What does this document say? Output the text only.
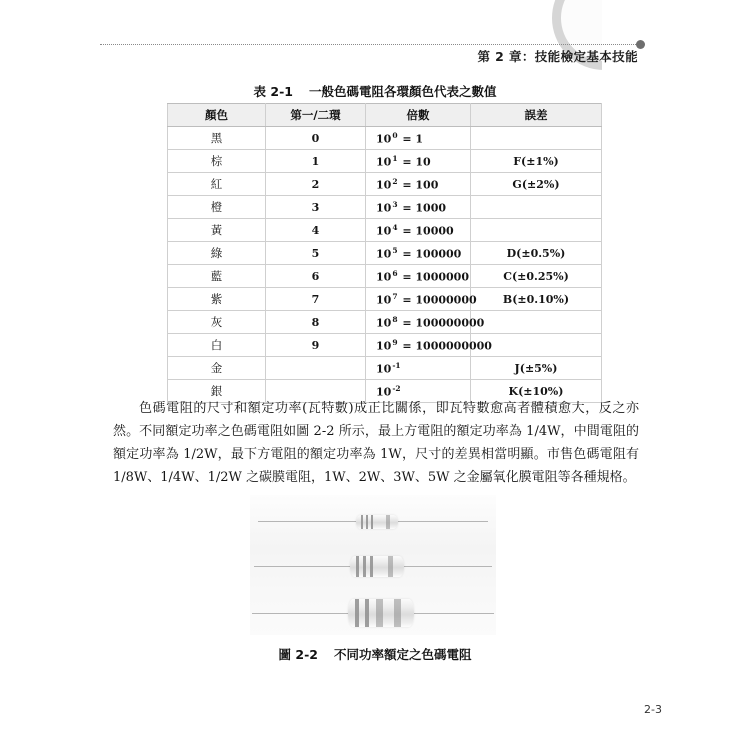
第 2 章：技能檢定基本技能
表 2-1 一般色碼電阻各環顏色代表之數值
顏色	第一/二環	倍數	誤差
黑	0	$10^0 = 1$	
棕	1	$10^1 = 10$	F(±1%)
紅	2	$10^2 = 100$	G(±2%)
橙	3	$10^3 = 1000$	
黃	4	$10^4 = 10000$	
綠	5	$10^5 = 100000$	D(±0.5%)
藍	6	$10^6 = 1000000$	C(±0.25%)
紫	7	$10^7 = 10000000$	B(±0.10%)
灰	8	$10^8 = 100000000$	
白	9	$10^9 = 1000000000$	
金		$10^{-1}$	J(±5%)
銀		$10^{-2}$	K(±10%)

色碼電阻的尺寸和額定功率(瓦特數)成正比關係，即瓦特數愈高者體積愈大，反之亦然。不同額定功率之色碼電阻如圖 2-2 所示，最上方電阻的額定功率為 1/4W，中間電阻的額定功率為 1/2W，最下方電阻的額定功率為 1W，尺寸的差異相當明顯。市售色碼電阻有 1/8W、1/4W、1/2W 之碳膜電阻，1W、2W、3W、5W 之金屬氧化膜電阻等各種規格。

圖 2-2 不同功率額定之色碼電阻
2-3
